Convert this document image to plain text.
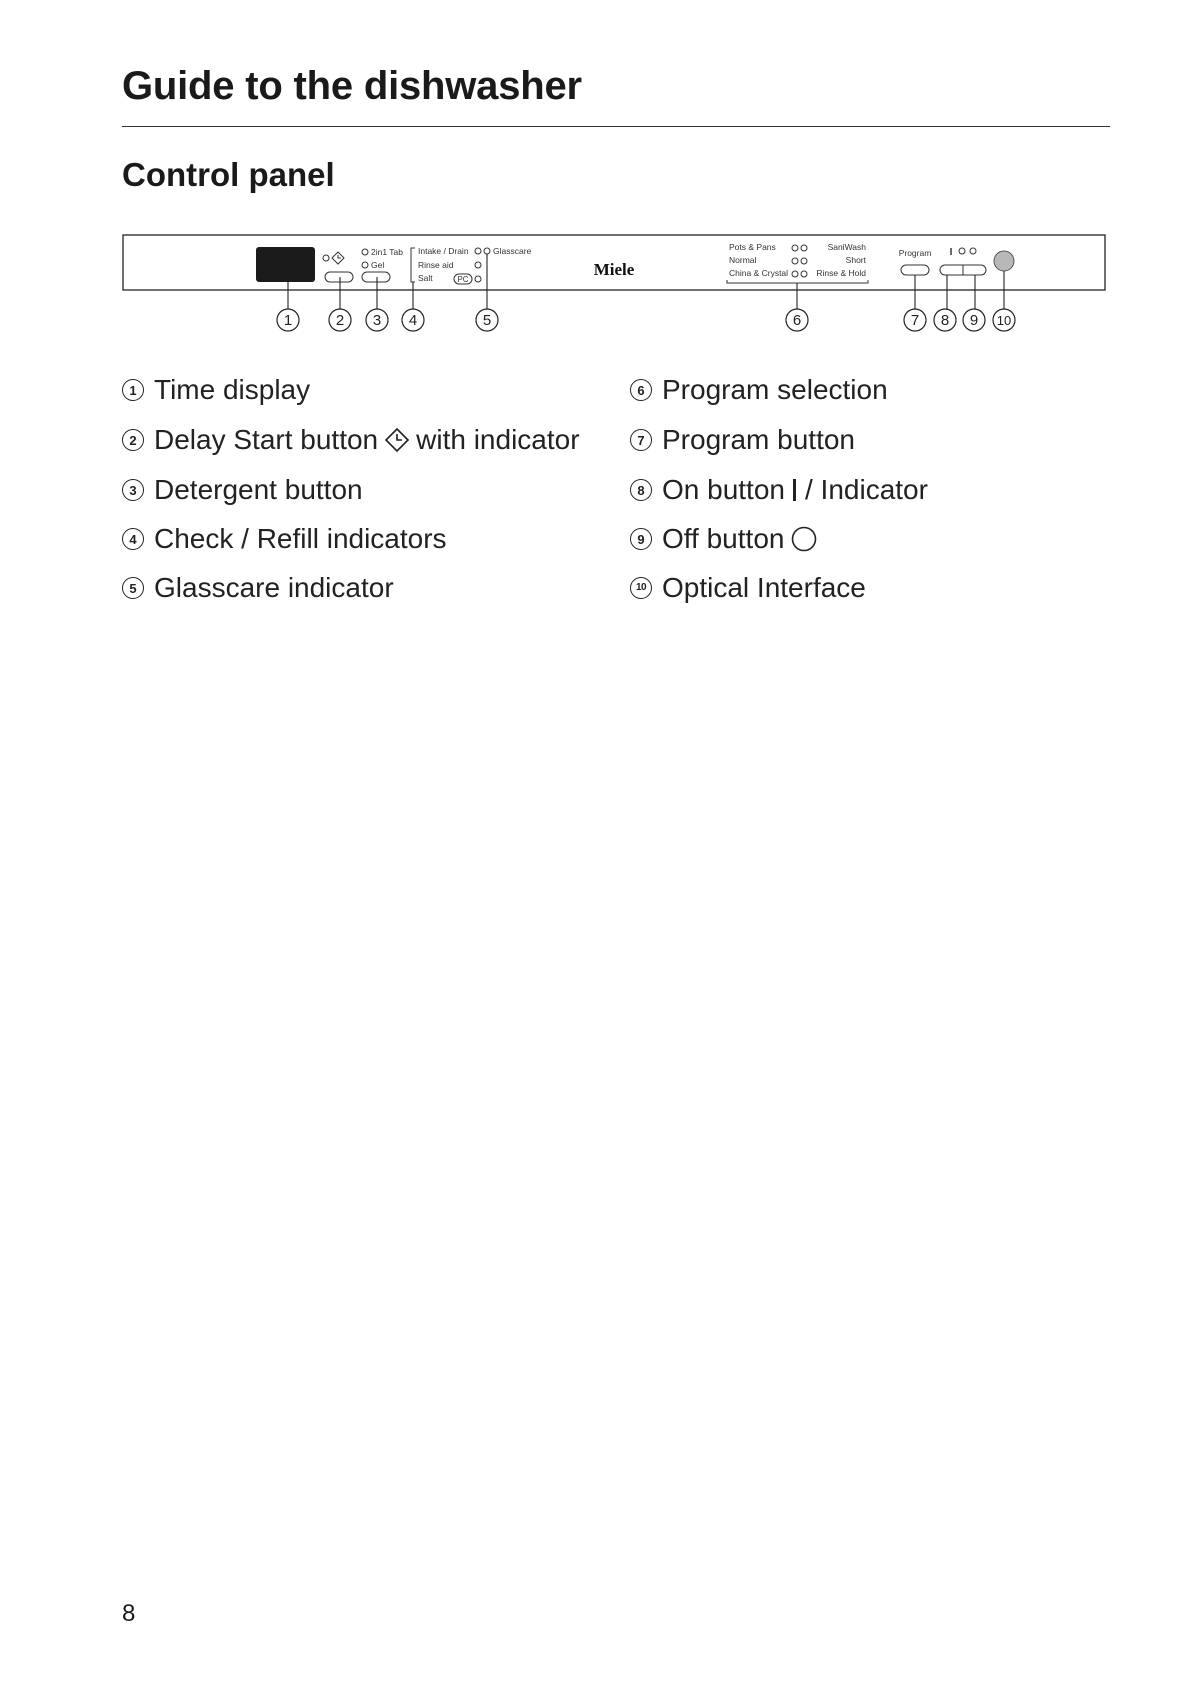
Guide to the dishwasher
Control panel
2in1 Tab
Gel
Intake / Drain
Rinse aid
Salt	PC
Glasscare
Miele
Pots & Pans
Normal
China & Crystal
SaniWash
Short
Rinse & Hold
Program I
1	2 3 4	5	6	7 8 9 10
1 Time display
2 Delay Start button with indicator
3 Detergent button
4 Check / Refill indicators
5 Glasscare indicator
6 Program selection
7 Program button
8 On button / Indicator
9 Off button
10 Optical Interface
8
